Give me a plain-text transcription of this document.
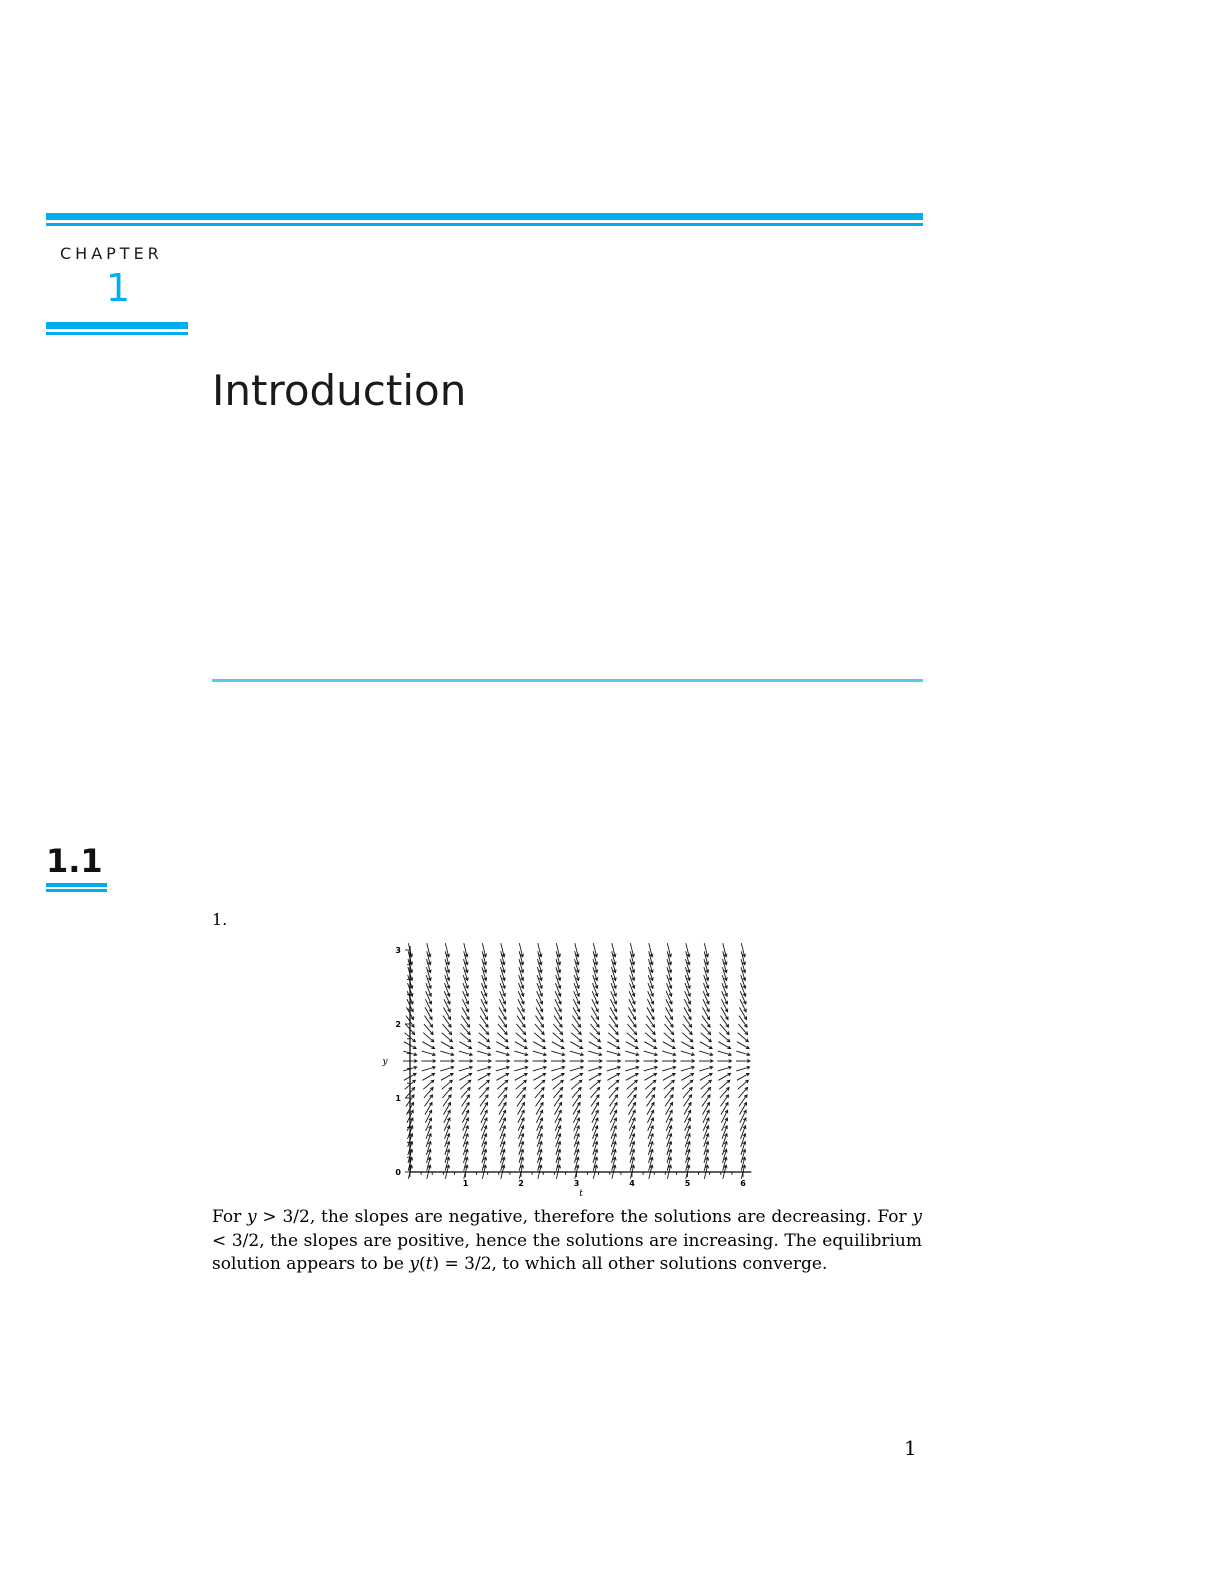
CHAPTER
1
Introduction
1.1
1.
1	2	3	4	5	6
0
1
2
3
t
y

For y > 3/2, the slopes are negative, therefore the solutions are decreasing. For y < 3/2, the slopes are positive, hence the solutions are increasing. The equilibrium solution appears to be y(t) = 3/2, to which all other solutions converge.

1
